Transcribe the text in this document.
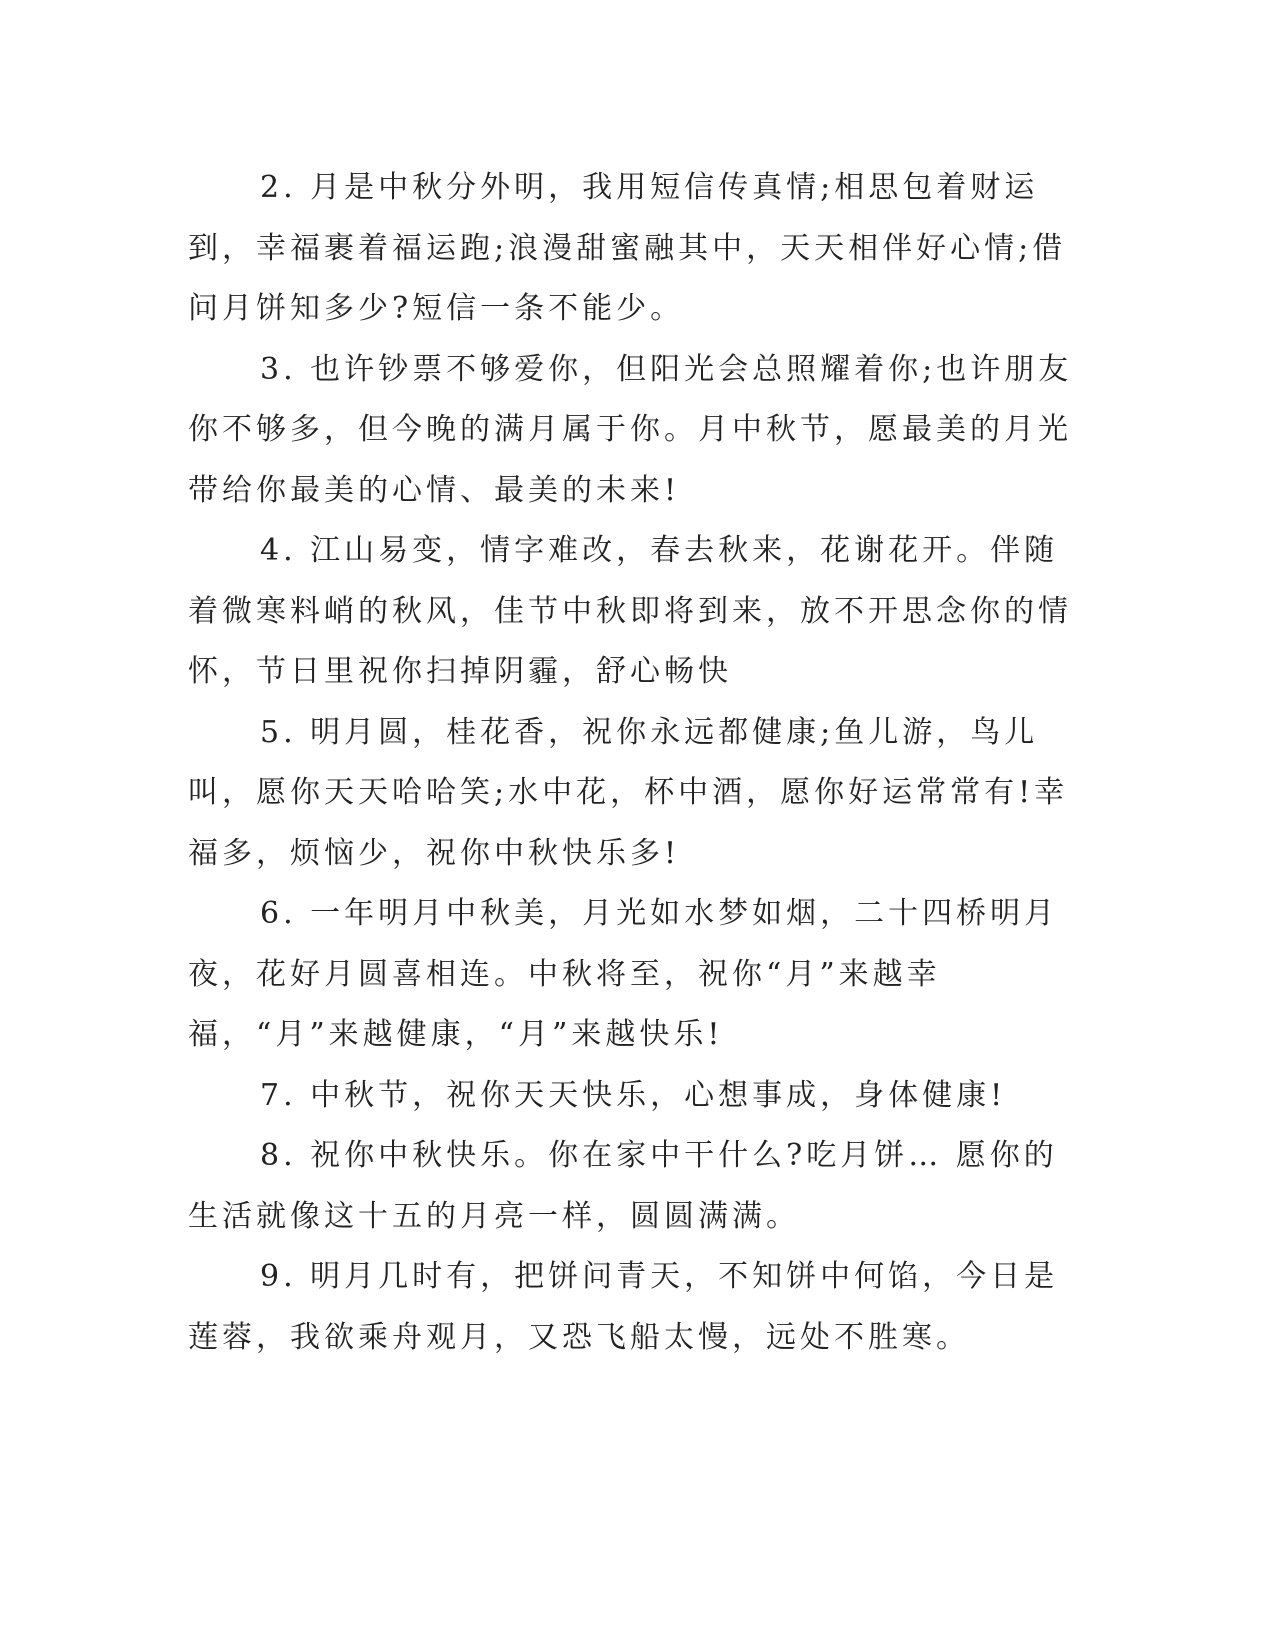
2. 月是中秋分外明，我用短信传真情;相思包着财运到，幸福裹着福运跑;浪漫甜蜜融其中，天天相伴好心情;借问月饼知多少?短信一条不能少。

3. 也许钞票不够爱你，但阳光会总照耀着你;也许朋友你不够多，但今晚的满月属于你。月中秋节，愿最美的月光带给你最美的心情、最美的未来!

4. 江山易变，情字难改，春去秋来，花谢花开。伴随着微寒料峭的秋风，佳节中秋即将到来，放不开思念你的情怀，节日里祝你扫掉阴霾，舒心畅快

5. 明月圆，桂花香，祝你永远都健康;鱼儿游，鸟儿叫，愿你天天哈哈笑;水中花，杯中酒，愿你好运常常有!幸福多，烦恼少，祝你中秋快乐多!

6. 一年明月中秋美，月光如水梦如烟，二十四桥明月夜，花好月圆喜相连。中秋将至，祝你“月”来越幸福，“月”来越健康，“月”来越快乐!

7. 中秋节，祝你天天快乐，心想事成，身体健康!

8. 祝你中秋快乐。你在家中干什么?吃月饼… 愿你的生活就像这十五的月亮一样，圆圆满满。

9. 明月几时有，把饼问青天，不知饼中何馅，今日是莲蓉，我欲乘舟观月，又恐飞船太慢，远处不胜寒。
